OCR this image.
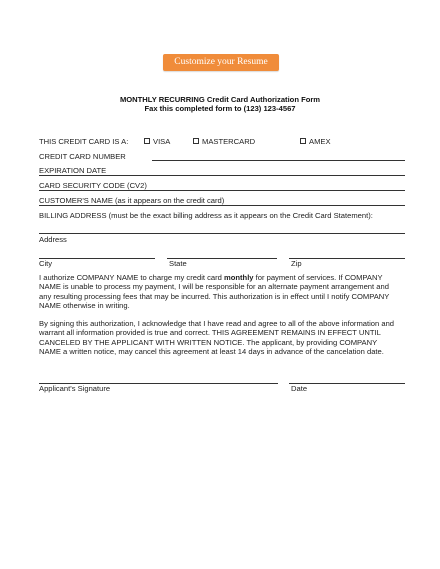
Customize your Resume
MONTHLY RECURRING Credit Card Authorization Form
Fax this completed form to (123) 123-4567
THIS CREDIT CARD IS A:	VISA	MASTERCARD	AMEX
CREDIT CARD NUMBER
EXPIRATION DATE
CARD SECURITY CODE (CV2)
CUSTOMER'S NAME (as it appears on the credit card)
BILLING ADDRESS (must be the exact billing address as it appears on the Credit Card Statement):
Address
City	State	Zip
I authorize COMPANY NAME to charge my credit card monthly for payment of services. If COMPANY NAME is unable to process my payment, I will be responsible for an alternate payment arrangement and any resulting processing fees that may be incurred. This authorization is in effect until I notify COMPANY NAME otherwise in writing.
By signing this authorization, I acknowledge that I have read and agree to all of the above information and warrant all information provided is true and correct. THIS AGREEMENT REMAINS IN EFFECT UNTIL CANCELED BY THE APPLICANT WITH WRITTEN NOTICE. The applicant, by providing COMPANY NAME a written notice, may cancel this agreement at least 14 days in advance of the cancelation date.
Applicant's Signature	Date
